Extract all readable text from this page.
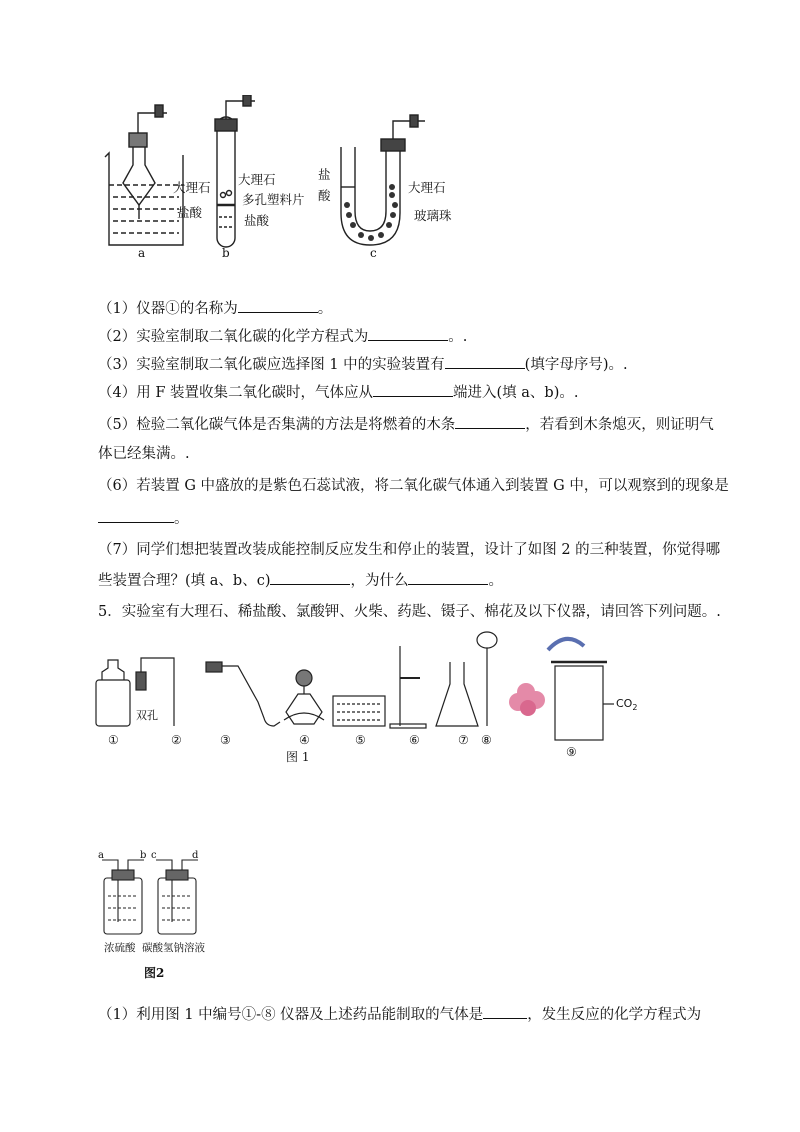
大理石
盐酸
大理石
多孔塑料片
盐酸
盐
酸
大理石
玻璃珠
a	b	c
（1）仪器①的名称为	。
（2）实验室制取二氧化碳的化学方程式为	。.
（3）实验室制取二氧化碳应选择图 1 中的实验装置有	(填字母序号)。.
（4）用 F 装置收集二氧化碳时，气体应从	端进入(填 a、b)。.
（5）检验二氧化碳气体是否集满的方法是将燃着的木条	，若看到木条熄灭，则证明气
体已经集满。.
（6）若装置 G 中盛放的是紫色石蕊试液，将二氧化碳气体通入到装置 G 中，可以观察到的现象是
。
（7）同学们想把装置改装成能控制反应发生和停止的装置，设计了如图 2 的三种装置，你觉得哪
些装置合理？(填 a、b、c)	，为什么	。
5．实验室有大理石、稀盐酸、氯酸钾、火柴、药匙、镊子、棉花及以下仪器，请回答下列问题。.
双孔
$CO_2$
①	②	③	④	⑤	⑥	⑦ ⑧
⑨
图 1
a	b c	d
浓硫酸 碳酸氢钠溶液
图2
（1）利用图 1 中编号①-⑧ 仪器及上述药品能制取的气体是	，发生反应的化学方程式为
